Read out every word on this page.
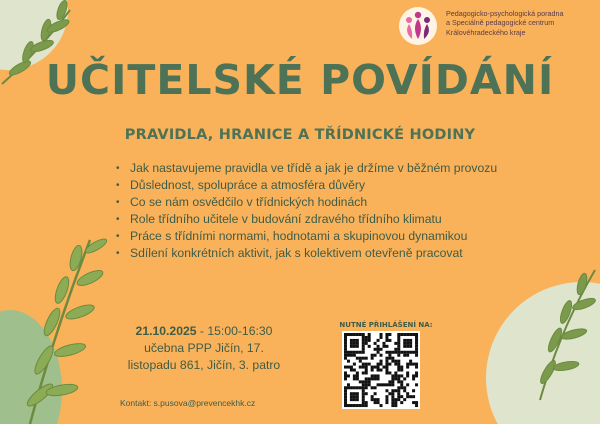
Pedagogicko-psychologická poradna
a Speciálně pedagogické centrum
Královéhradeckého kraje
UČITELSKÉ POVÍDÁNÍ
PRAVIDLA, HRANICE A TŘÍDNICKÉ HODINY
• Jak nastavujeme pravidla ve třídě a jak je držíme v běžném provozu
• Důslednost, spolupráce a atmosféra důvěry
• Co se nám osvědčilo v třídnických hodinách
• Role třídního učitele v budování zdravého třídního klimatu
• Práce s třídními normami, hodnotami a skupinovou dynamikou
• Sdílení konkrétních aktivit, jak s kolektivem otevřeně pracovat
21.10.2025 - 15:00-16:30
učebna PPP Jičín, 17.
listopadu 861, Jičín, 3. patro
Kontakt: s.pusova@prevencekhk.cz
NUTNÉ PŘIHLÁŠENÍ NA:
